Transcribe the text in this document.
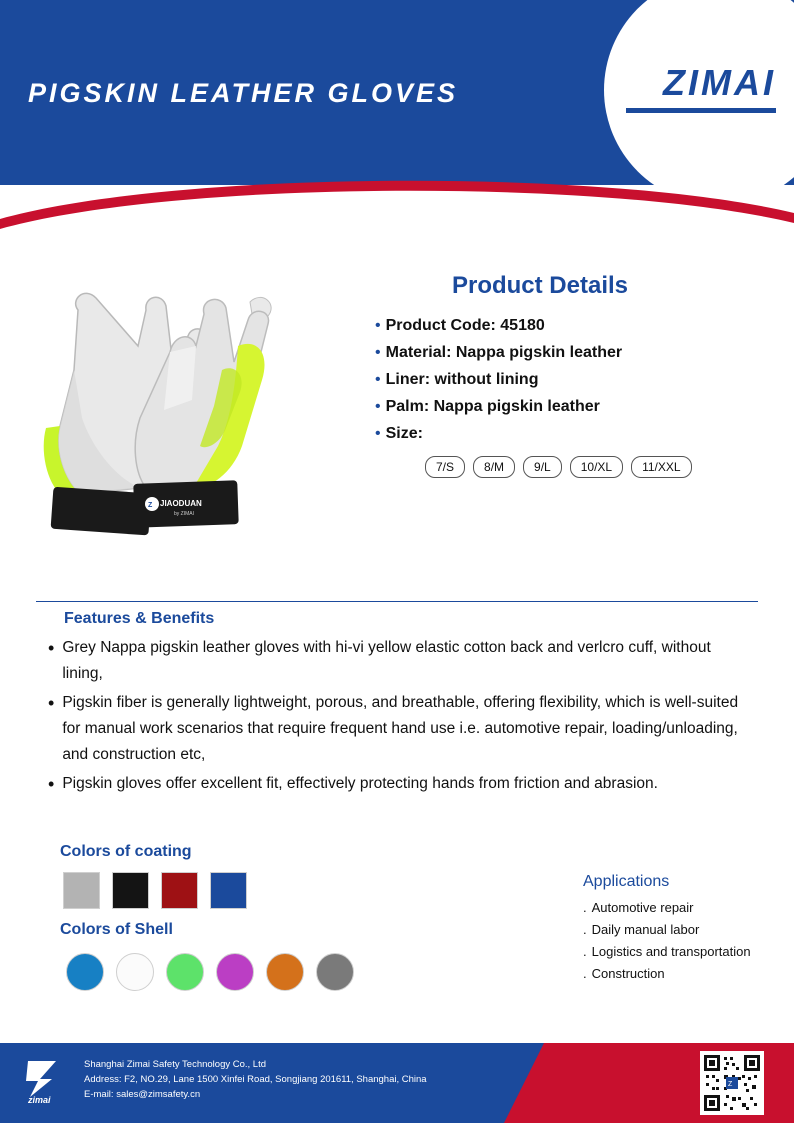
PIGSKIN LEATHER GLOVES	ZIMAI
JIAODUAN
by ZIMAI
Z
Product Details
• Product Code: 45180
• Material: Nappa pigskin leather
• Liner: without lining
• Palm: Nappa pigskin leather
• Size:
7/S	8/M	9/L	10/XL	11/XXL
Features & Benefits
• Grey Nappa pigskin leather gloves with hi-vi yellow elastic cotton back and verlcro cuff, without lining,
• Pigskin fiber is generally lightweight, porous, and breathable, offering flexibility, which is well-suited for manual work scenarios that require frequent hand use i.e. automotive repair, loading/unloading, and construction etc,
• Pigskin gloves offer excellent fit, effectively protecting hands from friction and abrasion.
Colors of coating
Colors of Shell
Applications
. Automotive repair
. Daily manual labor
. Logistics and transportation
. Construction
zimai
Shanghai Zimai Safety Technology Co., Ltd
Address: F2, NO.29, Lane 1500 Xinfei Road, Songjiang 201611, Shanghai, China
E-mail: sales@zimsafety.cn
Z
